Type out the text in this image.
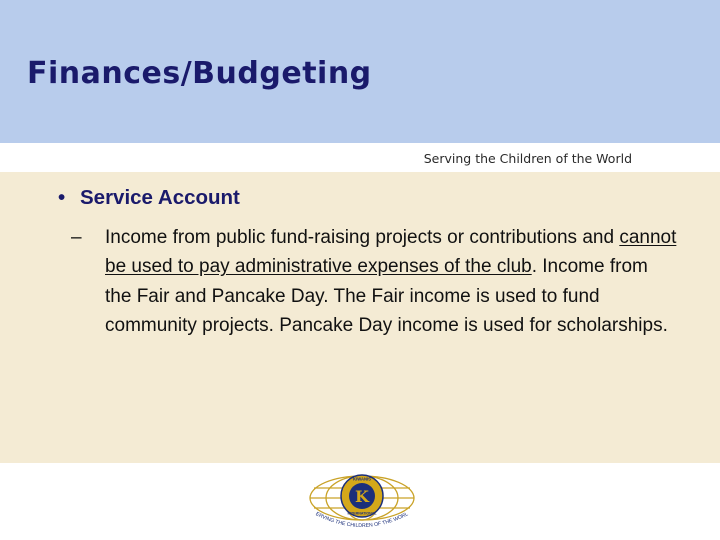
Finances/Budgeting
Serving the Children of the World
• Service Account
– Income from public fund-raising projects or contributions and cannot be used to pay administrative expenses of the club. Income from the Fair and Pancake Day. The Fair income is used to fund community projects. Pancake Day income is used for scholarships.
K
KIWANIS
INTERNATIONAL
ERVING THE CHILDREN OF THE WORL
